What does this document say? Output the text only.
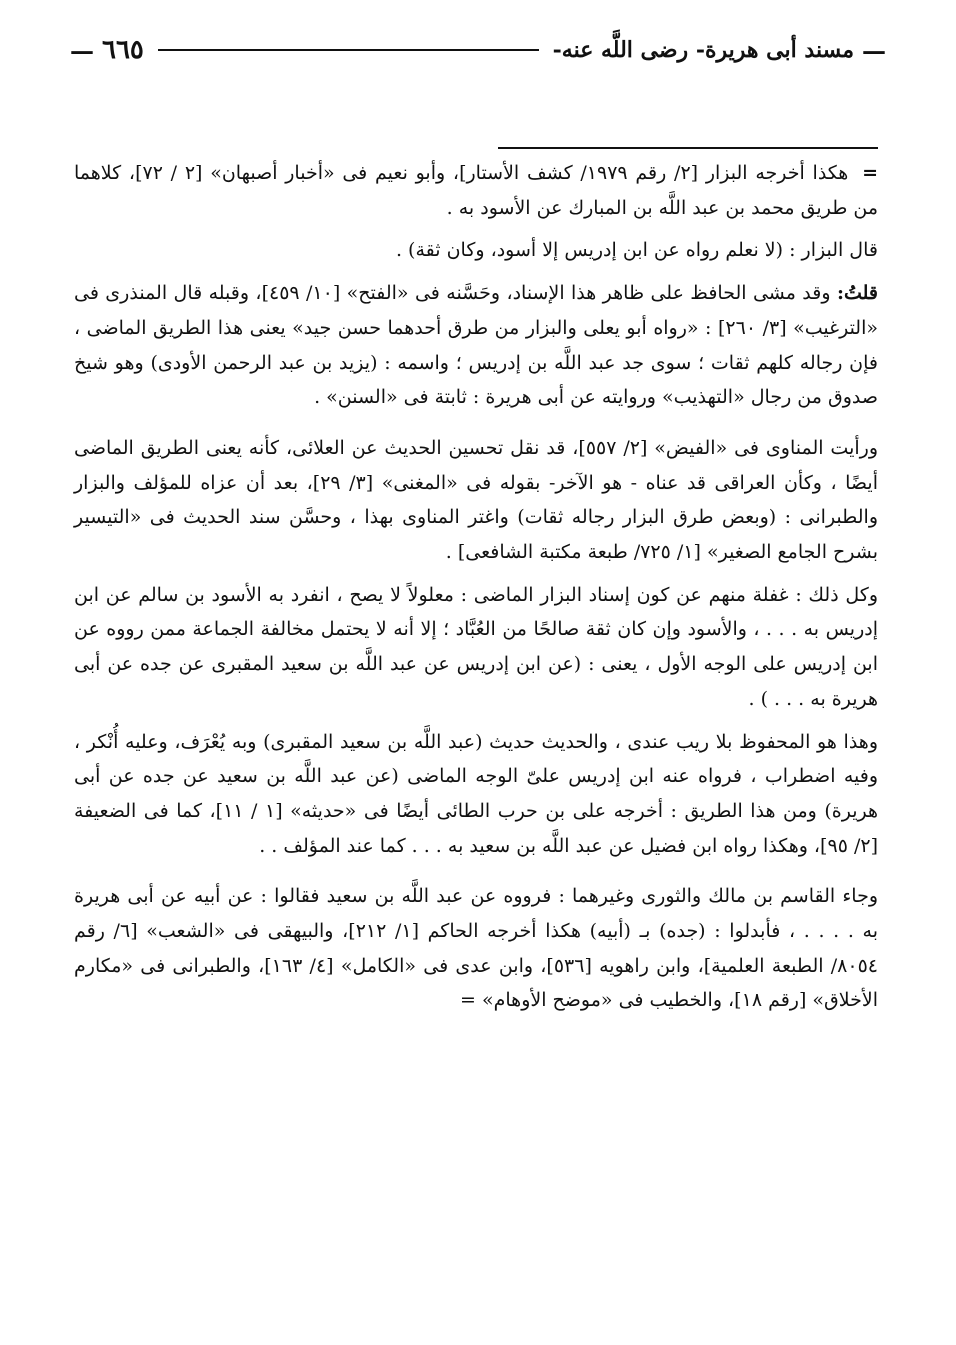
—
مسند أبى هريرة- رضى اللَّه عنه-
٦٦٥
—

= هكذا أخرجه البزار [٢/ رقم ١٩٧٩/ كشف الأستار]، وأبو نعيم فى «أخبار أصبهان» [٢ / ٧٢]، كلاهما من طريق محمد بن عبد اللَّه بن المبارك عن الأسود به .

قال البزار : (لا نعلم رواه عن ابن إدريس إلا أسود، وكان ثقة) .

قلتُ: وقد مشى الحافظ على ظاهر هذا الإسناد، وحَسَّنه فى «الفتح» [١٠/ ٤٥٩]، وقبله قال المنذرى فى «الترغيب» [٣/ ٢٦٠] : «رواه أبو يعلى والبزار من طرق أحدهما حسن جيد» يعنى هذا الطريق الماضى ، فإن رجاله كلهم ثقات ؛ سوى جد عبد اللَّه بن إدريس ؛ واسمه : (يزيد بن عبد الرحمن الأودى) وهو شيخ صدوق من رجال «التهذيب» وروايته عن أبى هريرة : ثابتة فى «السنن» .

ورأيت المناوى فى «الفيض» [٢/ ٥٥٧]، قد نقل تحسين الحديث عن العلائى، كأنه يعنى الطريق الماضى أيضًا ، وكأن العراقى قد عناه - هو الآخر- بقوله فى «المغنى» [٣/ ٢٩]، بعد أن عزاه للمؤلف والبزار والطبرانى : (وبعض طرق البزار رجاله ثقات) واغتر المناوى بهذا ، وحسَّن سند الحديث فى «التيسير بشرح الجامع الصغير» [١/ ٧٢٥/ طبعة مكتبة الشافعى] .

وكل ذلك : غفلة منهم عن كون إسناد البزار الماضى : معلولاً لا يصح ، انفرد به الأسود بن سالم عن ابن إدريس به . . . ، والأسود وإن كان ثقة صالحًا من العُبَّاد ؛ إلا أنه لا يحتمل مخالفة الجماعة ممن رووه عن ابن إدريس على الوجه الأول ، يعنى : (عن ابن إدريس عن عبد اللَّه بن سعيد المقبرى عن جده عن أبى هريرة به . . . ) .

وهذا هو المحفوظ بلا ريب عندى ، والحديث حديث (عبد اللَّه بن سعيد المقبرى) وبه يُعْرَف، وعليه أُنْكر ، وفيه اضطراب ، فرواه عنه ابن إدريس علىّ الوجه الماضى (عن عبد اللَّه بن سعيد عن جده عن أبى هريرة) ومن هذا الطريق : أخرجه على بن حرب الطائى أيضًا فى «حديثه» [١ / ١١]، كما فى الضعيفة [٢/ ٩٥]، وهكذا رواه ابن فضيل عن عبد اللَّه بن سعيد به . . . كما عند المؤلف . .

وجاء القاسم بن مالك والثورى وغيرهما : فرووه عن عبد اللَّه بن سعيد فقالوا : عن أبيه عن أبى هريرة به . . . . ، فأبدلوا : (جده) بـ (أبيه) هكذا أخرجه الحاكم [١/ ٢١٢]، والبيهقى فى «الشعب» [٦/ رقم ٨٠٥٤/ الطبعة العلمية]، وابن راهويه [٥٣٦]، وابن عدى فى «الكامل» [٤/ ١٦٣]، والطبرانى فى «مكارم الأخلاق» [رقم ١٨]، والخطيب فى «موضح الأوهام» =
